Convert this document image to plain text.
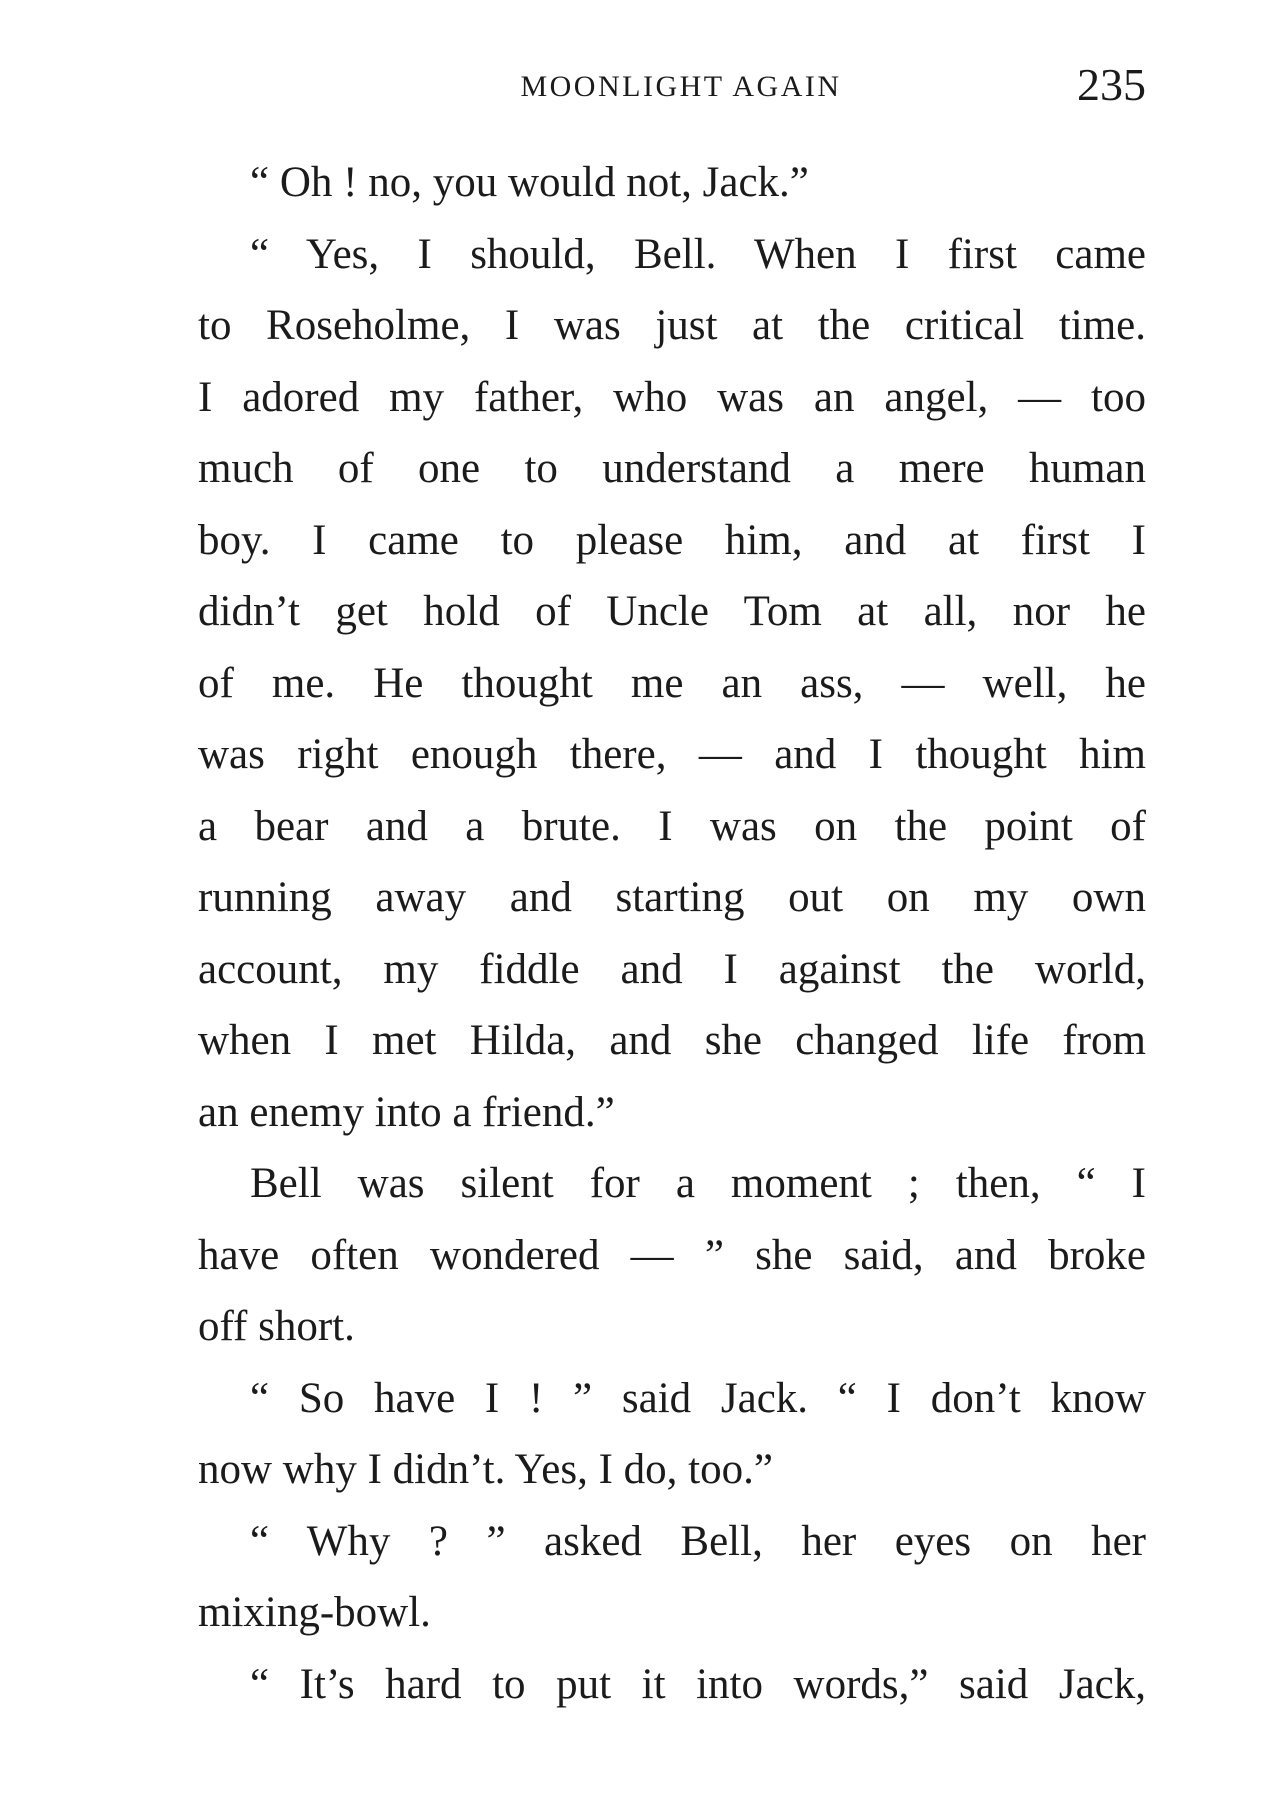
MOONLIGHT AGAIN	235
“ Oh ! no, you would not, Jack.”
“ Yes, I should, Bell. When I first came
to Roseholme, I was just at the critical time.
I adored my father, who was an angel, — too
much of one to understand a mere human
boy. I came to please him, and at first I
didn’t get hold of Uncle Tom at all, nor he
of me. He thought me an ass, — well, he
was right enough there, — and I thought him
a bear and a brute. I was on the point of
running away and starting out on my own
account, my fiddle and I against the world,
when I met Hilda, and she changed life from
an enemy into a friend.”
Bell was silent for a moment ; then, “ I
have often wondered — ” she said, and broke
off short.
“ So have I ! ” said Jack. “ I don’t know
now why I didn’t. Yes, I do, too.”
“ Why ? ” asked Bell, her eyes on her
mixing-bowl.
“ It’s hard to put it into words,” said Jack,
